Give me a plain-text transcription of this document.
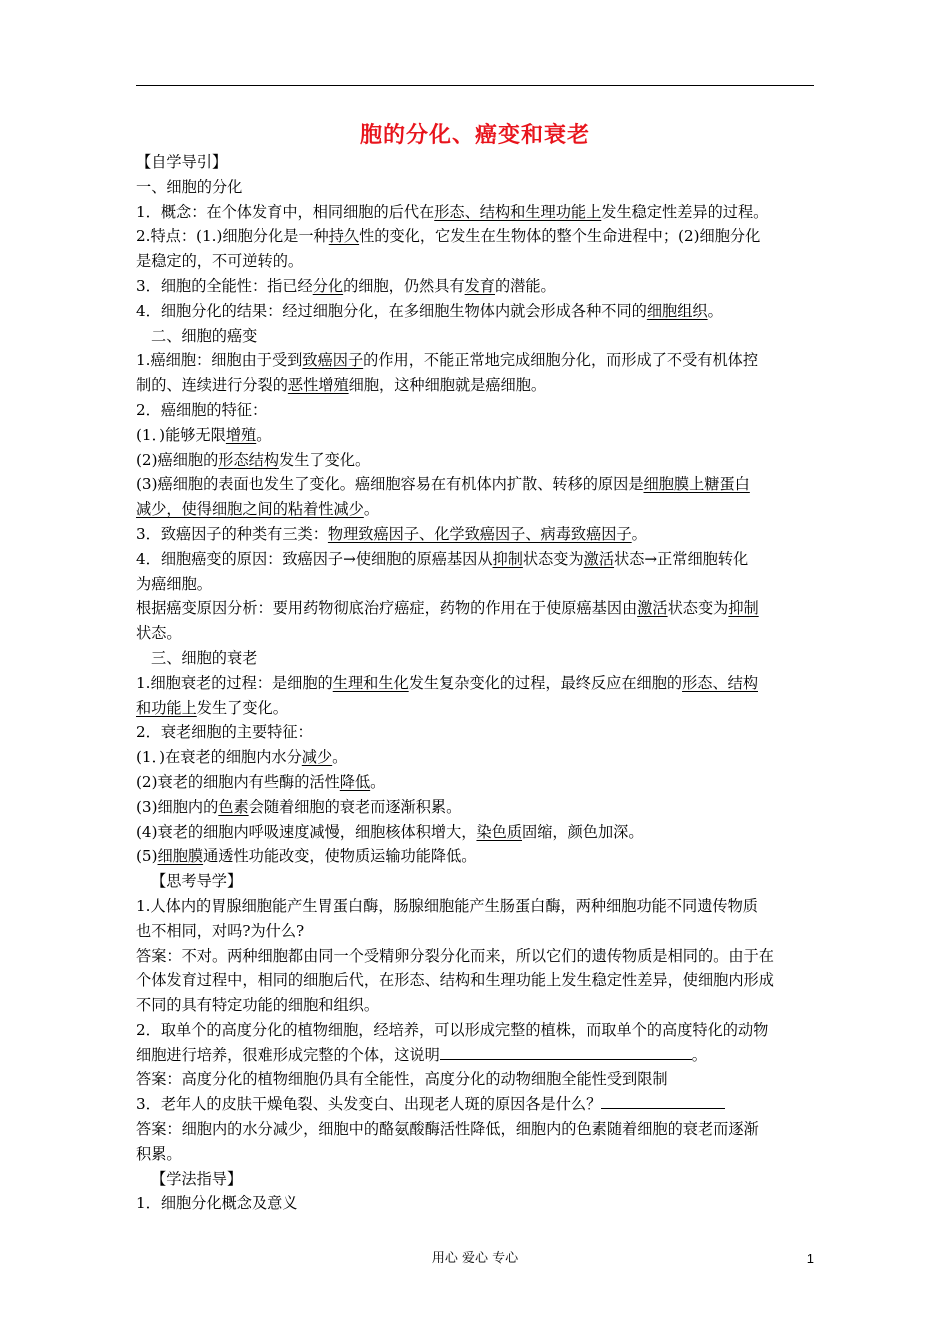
胞的分化、癌变和衰老
【自学导引】
一、细胞的分化
1．概念：在个体发育中，相同细胞的后代在形态、结构和生理功能上发生稳定性差异的过程。
2.特点：(1.)细胞分化是一种持久性的变化，它发生在生物体的整个生命进程中；(2)细胞分化
是稳定的，不可逆转的。
3．细胞的全能性：指已经分化的细胞，仍然具有发育的潜能。
4．细胞分化的结果：经过细胞分化，在多细胞生物体内就会形成各种不同的细胞组织。
二、细胞的癌变
1.癌细胞：细胞由于受到致癌因子的作用，不能正常地完成细胞分化，而形成了不受有机体控
制的、连续进行分裂的恶性增殖细胞，这种细胞就是癌细胞。
2．癌细胞的特征：
(1．)能够无限增殖。
(2)癌细胞的形态结构发生了变化。
(3)癌细胞的表面也发生了变化。癌细胞容易在有机体内扩散、转移的原因是细胞膜上糖蛋白
减少，使得细胞之间的粘着性减少。
3．致癌因子的种类有三类：物理致癌因子、化学致癌因子、病毒致癌因子。
4．细胞癌变的原因：致癌因子→使细胞的原癌基因从抑制状态变为激活状态→正常细胞转化
为癌细胞。
根据癌变原因分析：要用药物彻底治疗癌症，药物的作用在于使原癌基因由激活状态变为抑制
状态。
三、细胞的衰老
1.细胞衰老的过程：是细胞的生理和生化发生复杂变化的过程，最终反应在细胞的形态、结构
和功能上发生了变化。
2．衰老细胞的主要特征：
(1．)在衰老的细胞内水分减少。
(2)衰老的细胞内有些酶的活性降低。
(3)细胞内的色素会随着细胞的衰老而逐渐积累。
(4)衰老的细胞内呼吸速度减慢，细胞核体积增大，染色质固缩，颜色加深。
(5)细胞膜通透性功能改变，使物质运输功能降低。
【思考导学】
1.人体内的胃腺细胞能产生胃蛋白酶，肠腺细胞能产生肠蛋白酶，两种细胞功能不同遗传物质
也不相同，对吗?为什么?
答案：不对。两种细胞都由同一个受精卵分裂分化而来，所以它们的遗传物质是相同的。由于在
个体发育过程中，相同的细胞后代，在形态、结构和生理功能上发生稳定性差异，使细胞内形成
不同的具有特定功能的细胞和组织。
2．取单个的高度分化的植物细胞，经培养，可以形成完整的植株，而取单个的高度特化的动物
细胞进行培养，很难形成完整的个体，这说明	。
答案：高度分化的植物细胞仍具有全能性，高度分化的动物细胞全能性受到限制
3．老年人的皮肤干燥龟裂、头发变白、出现老人斑的原因各是什么？
答案：细胞内的水分减少，细胞中的酪氨酸酶活性降低，细胞内的色素随着细胞的衰老而逐渐
积累。
【学法指导】
1．细胞分化概念及意义
用心 爱心 专心	1
